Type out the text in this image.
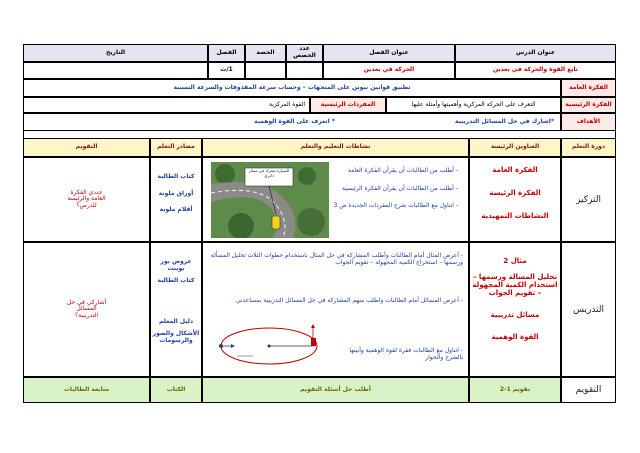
عنوان الدرس
عنوان الفصل
عدد الحصص
الحصة
الفصل
التاريخ
تابع القوة والحركة في بعدين
الحركة في بعدين
1/ث
الفكرة العامة
تطبيق قوانين نيوتن على المتجهات – وحساب سرعة المقذوفات والسرعة النسبية
الفكرة الرئيسية
التعرف على الحركة المركزية وأهميتها وأمثلة عليها
المفردات الرئيسية
القوة المركزية
الأهداف
*اشارك في حل المسائل التدريبية
* اتعرف على القوة الوهمية
دورة التعلم
العناوين الرئيسة
نشاطات التعليم والتعلم
مصادر التعلم
التقويم
التركيز
الفكرة العامة
الفكرة الرئيسة
النشاطات التمهيدية
- أطلب من الطالبات أن يقرأن الفكرة العامة
- أطلب من الطالبات أن يقرأن الفكرة الرئيسية
- اتناول مع الطالبات شرح المفردات الجديدة ص 3
السيارة تتحرك في مسار دائري
كتاب الطالبة
أوراق ملونة
أقلام ملونة
عددي الفكرة العامة والرئيسة للدرس؟
التدريس
مثال 2
تحليل المسالة ورسمها – استخدام الكمية المجهولة – تقويم الجواب
مسائل تدريبية
القوة الوهمية
- أعرض المثال أمام الطالبات وأطلب المشاركة في حل المثال باستخدام خطوات الثلاث تحليل المسألة ورسمها – استخراج الكمية المجهولة – تقويم الجواب
- أعرض المسائل أمام الطالبات واطلب منهم المشاركة في حل المسائل التدريبية بمساعدتي
- اتناول مع الطالبات فقرة لقوة الوهمية وأبينها بالشرح والحوار
عروض بور بوينت
كتاب الطالبة
دليل المعلم
الأشكال والصور والرسومات
أشاركي في حل المسائل التدريبية؟
التقويم
تقويم 1-2
أطلب حل أسئلة التقويم
الكتاب
متابعة الطالبات
